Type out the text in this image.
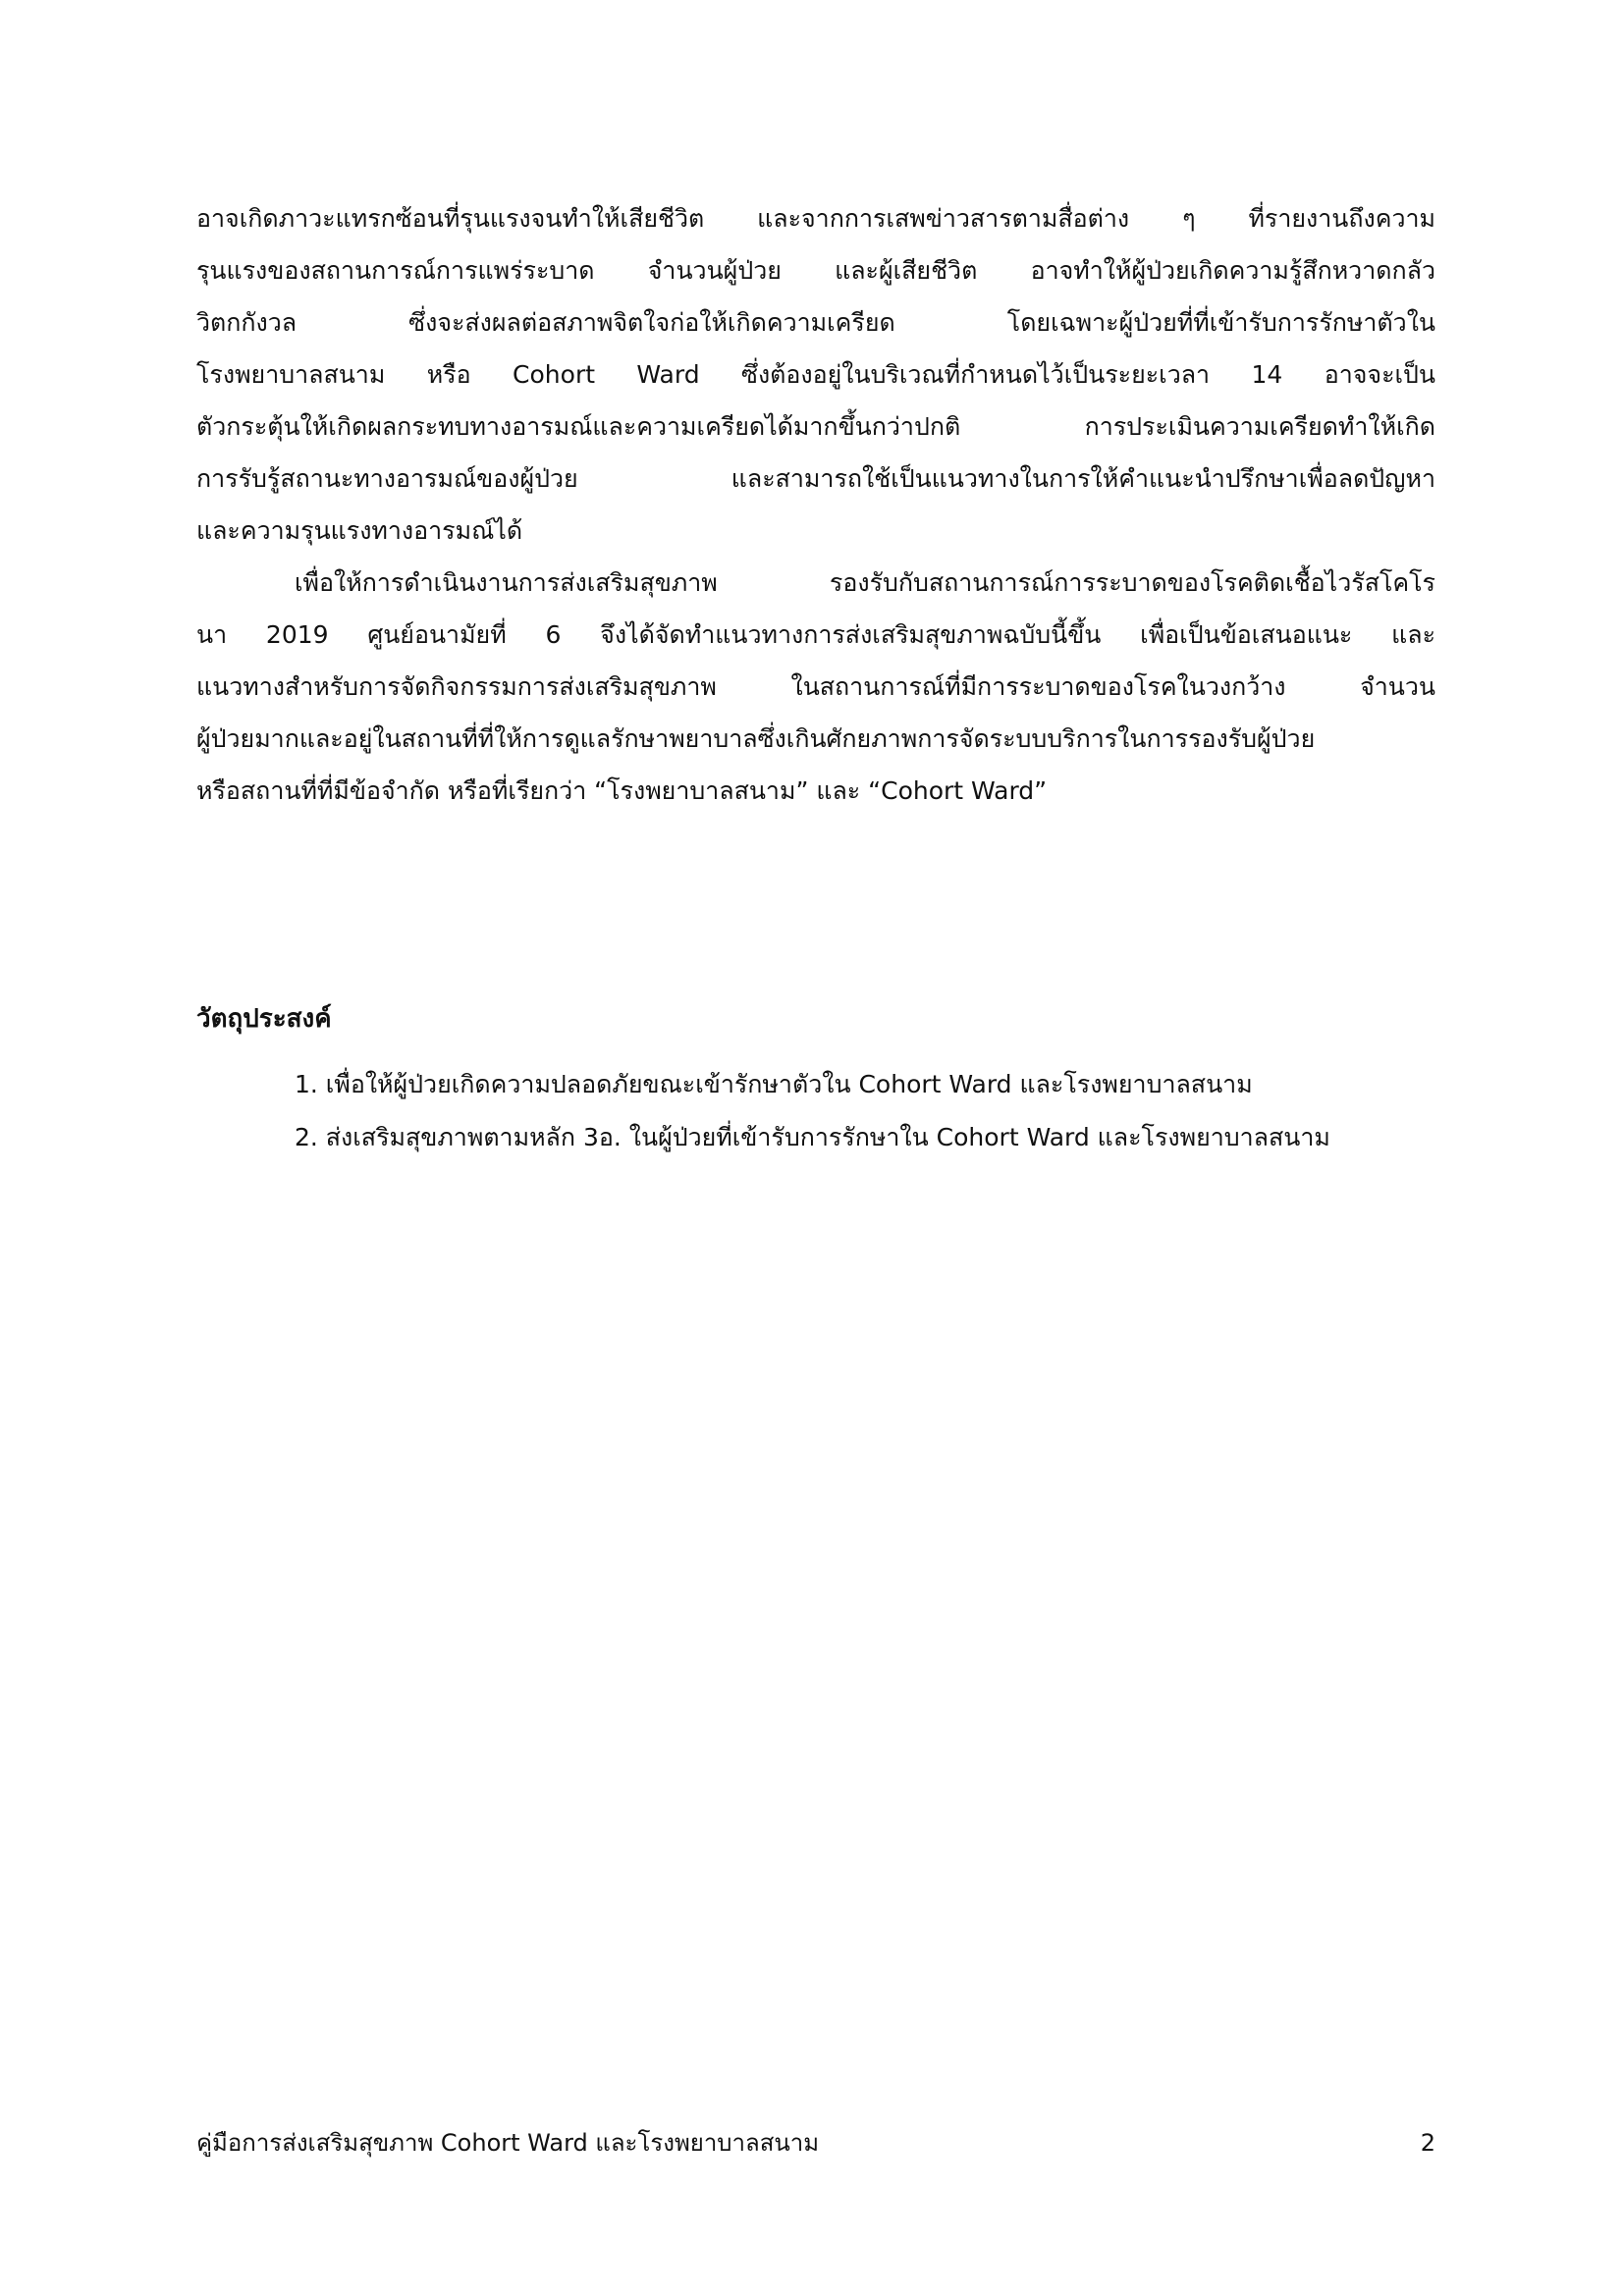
อาจเกิดภาวะแทรกซ้อนที่รุนแรงจนทำให้เสียชีวิต และจากการเสพข่าวสารตามสื่อต่าง ๆ ที่รายงานถึงความ
รุนแรงของสถานการณ์การแพร่ระบาด จำนวนผู้ป่วย และผู้เสียชีวิต อาจทำให้ผู้ป่วยเกิดความรู้สึกหวาดกลัว
วิตกกังวล ซึ่งจะส่งผลต่อสภาพจิตใจก่อให้เกิดความเครียด โดยเฉพาะผู้ป่วยที่ที่เข้ารับการรักษาตัวใน
โรงพยาบาลสนาม หรือ Cohort Ward ซึ่งต้องอยู่ในบริเวณที่กำหนดไว้เป็นระยะเวลา 14 อาจจะเป็น
ตัวกระตุ้นให้เกิดผลกระทบทางอารมณ์และความเครียดได้มากขึ้นกว่าปกติ การประเมินความเครียดทำให้เกิด
การรับรู้สถานะทางอารมณ์ของผู้ป่วย และสามารถใช้เป็นแนวทางในการให้คำแนะนำปรึกษาเพื่อลดปัญหา
และความรุนแรงทางอารมณ์ได้
เพื่อให้การดำเนินงานการส่งเสริมสุขภาพ รองรับกับสถานการณ์การระบาดของโรคติดเชื้อไวรัสโคโร
นา 2019 ศูนย์อนามัยที่ 6 จึงได้จัดทำแนวทางการส่งเสริมสุขภาพฉบับนี้ขึ้น เพื่อเป็นข้อเสนอแนะ และ
แนวทางสำหรับการจัดกิจกรรมการส่งเสริมสุขภาพ ในสถานการณ์ที่มีการระบาดของโรคในวงกว้าง จำนวน
ผู้ป่วยมากและอยู่ในสถานที่ที่ให้การดูแลรักษาพยาบาลซึ่งเกินศักยภาพการจัดระบบบริการในการรองรับผู้ป่วย
หรือสถานที่ที่มีข้อจำกัด หรือที่เรียกว่า “โรงพยาบาลสนาม” และ “Cohort Ward”
วัตถุประสงค์
1. เพื่อให้ผู้ป่วยเกิดความปลอดภัยขณะเข้ารักษาตัวใน Cohort Ward และโรงพยาบาลสนาม
2. ส่งเสริมสุขภาพตามหลัก 3อ. ในผู้ป่วยที่เข้ารับการรักษาใน Cohort Ward และโรงพยาบาลสนาม
คู่มือการส่งเสริมสุขภาพ Cohort Ward และโรงพยาบาลสนาม	2
